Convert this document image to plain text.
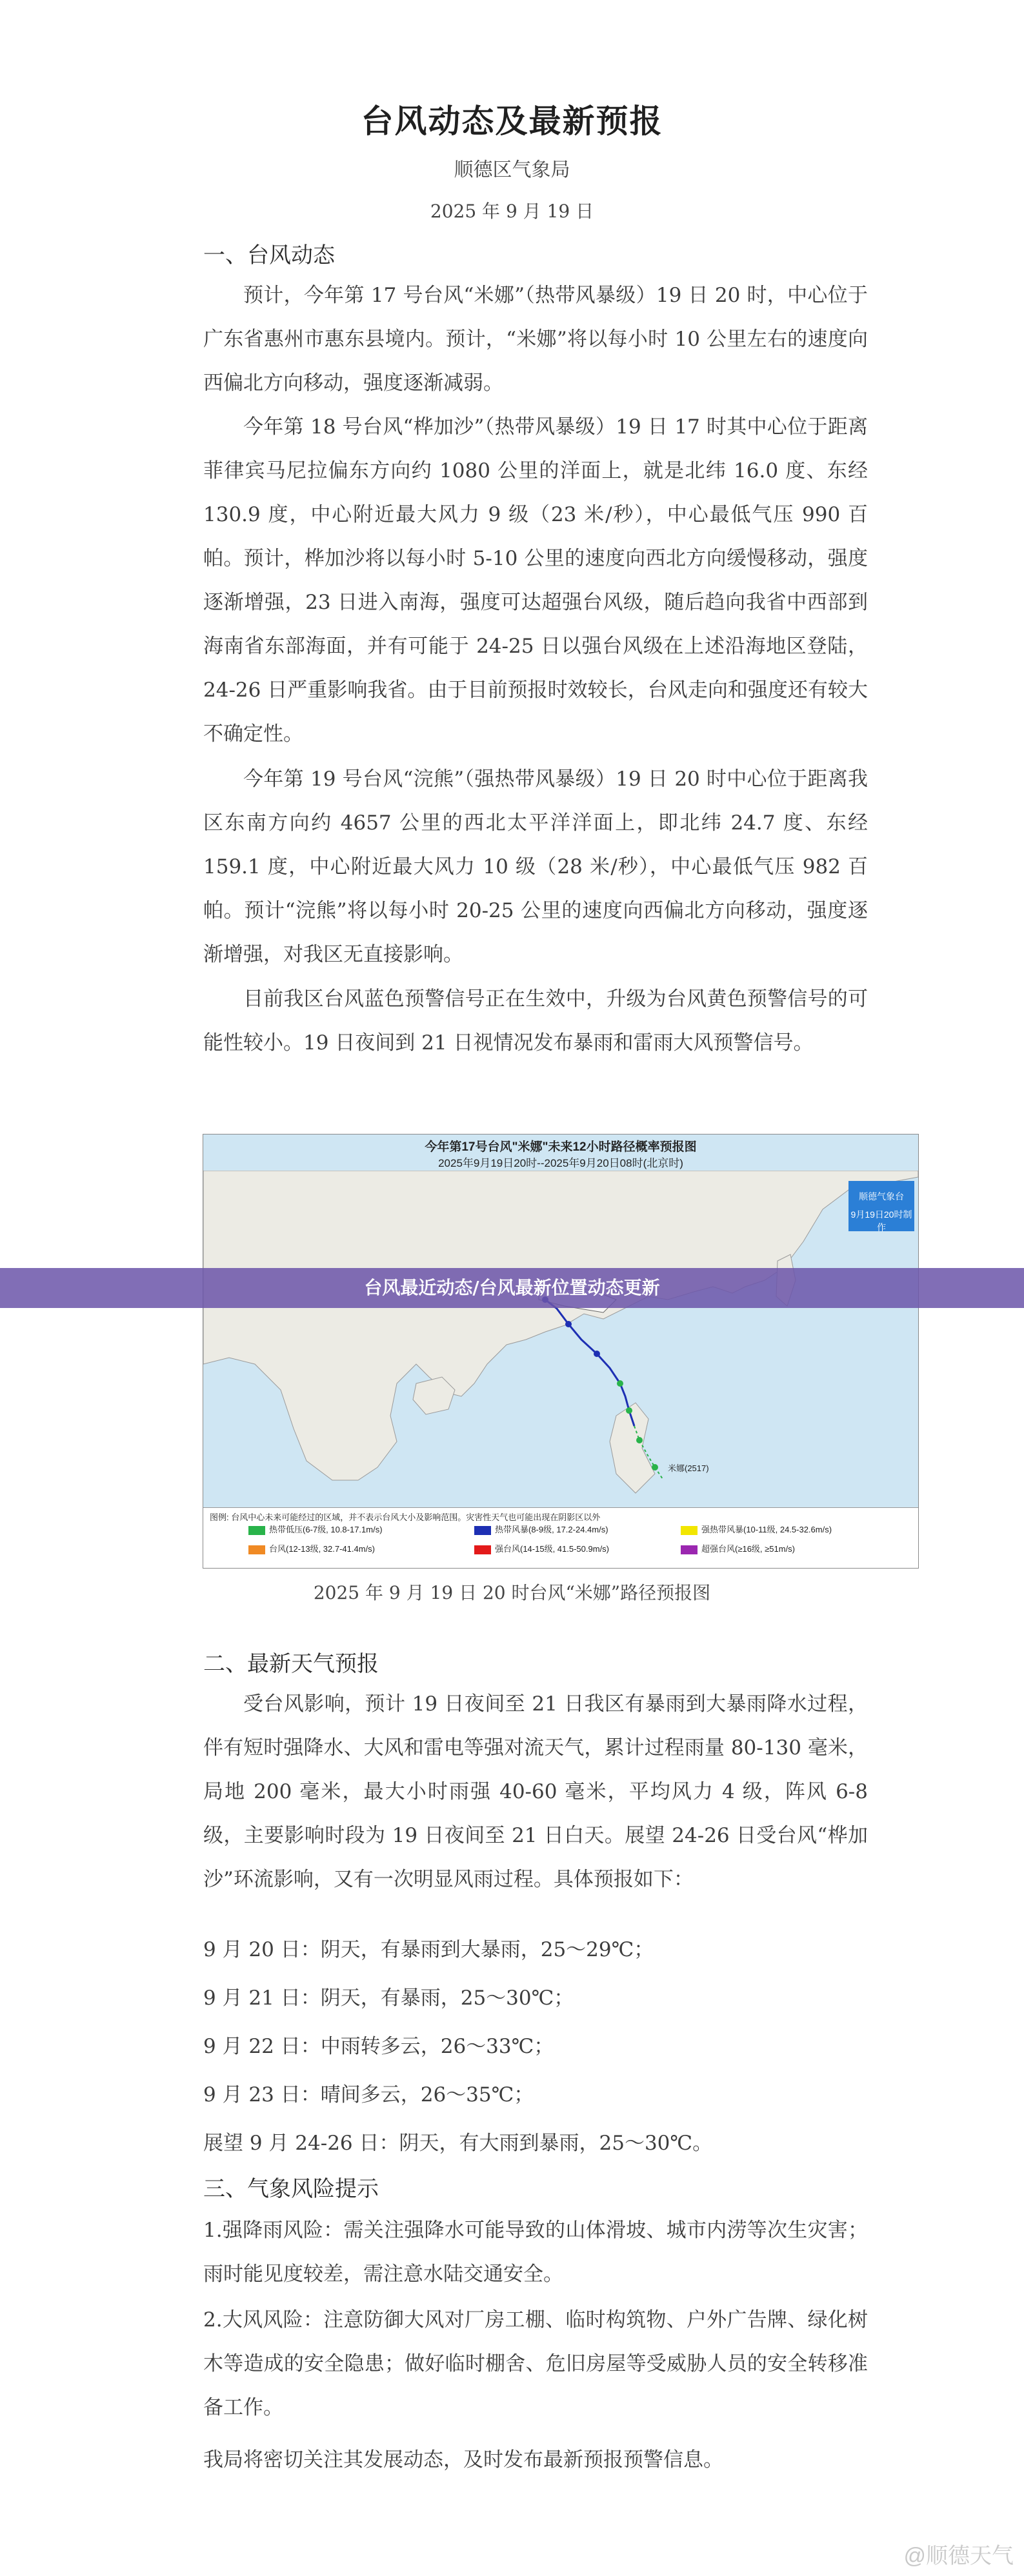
台风动态及最新预报
顺德区气象局
2025 年 9 月 19 日
一、台风动态
预计，今年第 17 号台风“米娜”（热带风暴级）19 日 20 时，中心位于广东省惠州市惠东县境内。预计，“米娜”将以每小时 10 公里左右的速度向西偏北方向移动，强度逐渐减弱。
今年第 18 号台风“桦加沙”（热带风暴级）19 日 17 时其中心位于距离菲律宾马尼拉偏东方向约 1080 公里的洋面上，就是北纬 16.0 度、东经 130.9 度，中心附近最大风力 9 级（23 米/秒），中心最低气压 990 百帕。预计，桦加沙将以每小时 5-10 公里的速度向西北方向缓慢移动，强度逐渐增强，23 日进入南海，强度可达超强台风级，随后趋向我省中西部到海南省东部海面，并有可能于 24-25 日以强台风级在上述沿海地区登陆，24-26 日严重影响我省。由于目前预报时效较长，台风走向和强度还有较大不确定性。
今年第 19 号台风“浣熊”（强热带风暴级）19 日 20 时中心位于距离我区东南方向约 4657 公里的西北太平洋洋面上，即北纬 24.7 度、东经 159.1 度，中心附近最大风力 10 级（28 米/秒），中心最低气压 982 百帕。预计“浣熊”将以每小时 20-25 公里的速度向西偏北方向移动，强度逐渐增强，对我区无直接影响。
目前我区台风蓝色预警信号正在生效中，升级为台风黄色预警信号的可能性较小。19 日夜间到 21 日视情况发布暴雨和雷雨大风预警信号。
今年第17号台风"米娜"未来12小时路径概率预报图
2025年9月19日20时--2025年9月20日08时(北京时)
米娜(2517)
顺德气象台
9月19日20时制作
图例: 台风中心未来可能经过的区域，并不表示台风大小及影响范围。灾害性天气也可能出现在阴影区以外
热带低压(6-7级, 10.8-17.1m/s)	热带风暴(8-9级, 17.2-24.4m/s)	强热带风暴(10-11级, 24.5-32.6m/s)
台风(12-13级, 32.7-41.4m/s)	强台风(14-15级, 41.5-50.9m/s)	超强台风(≥16级, ≥51m/s)
2025 年 9 月 19 日 20 时台风“米娜”路径预报图
台风最近动态/台风最新位置动态更新
二、最新天气预报
受台风影响，预计 19 日夜间至 21 日我区有暴雨到大暴雨降水过程，伴有短时强降水、大风和雷电等强对流天气，累计过程雨量 80-130 毫米，局地 200 毫米，最大小时雨强 40-60 毫米，平均风力 4 级，阵风 6-8 级，主要影响时段为 19 日夜间至 21 日白天。展望 24-26 日受台风“桦加沙”环流影响，又有一次明显风雨过程。具体预报如下：
9 月 20 日：阴天，有暴雨到大暴雨，25～29℃；
9 月 21 日：阴天，有暴雨，25～30℃；
9 月 22 日：中雨转多云，26～33℃；
9 月 23 日：晴间多云，26～35℃；
展望 9 月 24-26 日：阴天，有大雨到暴雨，25～30℃。
三、气象风险提示
1.强降雨风险：需关注强降水可能导致的山体滑坡、城市内涝等次生灾害；雨时能见度较差，需注意水陆交通安全。
2.大风风险：注意防御大风对厂房工棚、临时构筑物、户外广告牌、绿化树木等造成的安全隐患；做好临时棚舍、危旧房屋等受威胁人员的安全转移准备工作。
我局将密切关注其发展动态，及时发布最新预报预警信息。
@顺德天气
